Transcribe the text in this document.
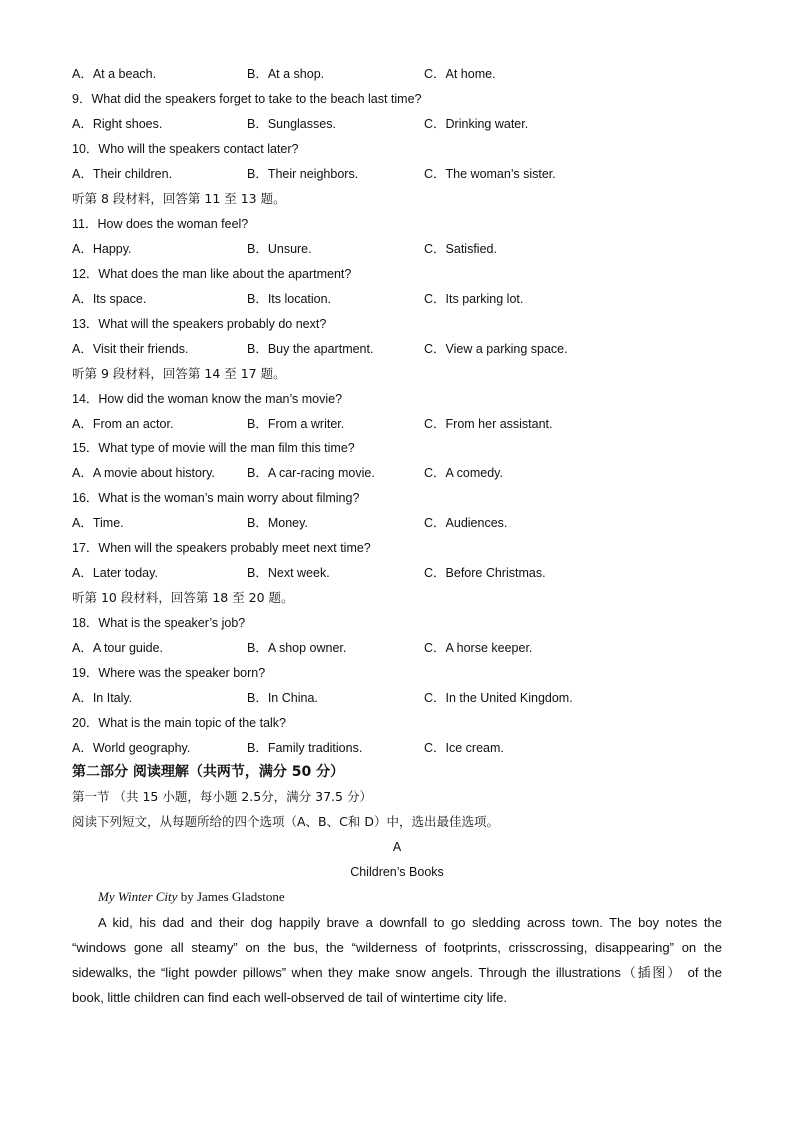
A．At a beach.	B．At a shop.	C．At home.
9．What did the speakers forget to take to the beach last time?
A．Right shoes.	B．Sunglasses.	C．Drinking water.
10．Who will the speakers contact later?
A．Their children.	B．Their neighbors.	C．The woman’s sister.
听第 8 段材料，回答第 11 至 13 题。
11．How does the woman feel?
A．Happy.	B．Unsure.	C．Satisfied.
12．What does the man like about the apartment?
A．Its space.	B．Its location.	C．Its parking lot.
13．What will the speakers probably do next?
A．Visit their friends.	B．Buy the apartment.	C．View a parking space.
听第 9 段材料，回答第 14 至 17 题。
14．How did the woman know the man’s movie?
A．From an actor.	B．From a writer.	C．From her assistant.
15．What type of movie will the man film this time?
A．A movie about history.	B．A car-racing movie.	C．A comedy.
16．What is the woman’s main worry about filming?
A．Time.	B．Money.	C．Audiences.
17．When will the speakers probably meet next time?
A．Later today.	B．Next week.	C．Before Christmas.
听第 10 段材料，回答第 18 至 20 题。
18．What is the speaker’s job?
A．A tour guide.	B．A shop owner.	C．A horse keeper.
19．Where was the speaker born?
A．In Italy.	B．In China.	C．In the United Kingdom.
20．What is the main topic of the talk?
A．World geography.	B．Family traditions.	C．Ice cream.
第二部分 阅读理解（共两节，满分 50 分）
第一节 （共 15 小题，每小题 2.5分，满分 37.5 分）
阅读下列短文，从每题所给的四个选项（A、B、C和 D）中，选出最佳选项。
A
Children’s Books
My Winter City by James Gladstone
A kid, his dad and their dog happily brave a downfall to go sledding across town. The boy notes the “windows gone all steamy” on the bus, the “wilderness of footprints, crisscrossing, disappearing” on the sidewalks, the “light powder pillows” when they make snow angels. Through the illustrations（插图） of the book, little children can find each well-observed de tail of wintertime city life.
